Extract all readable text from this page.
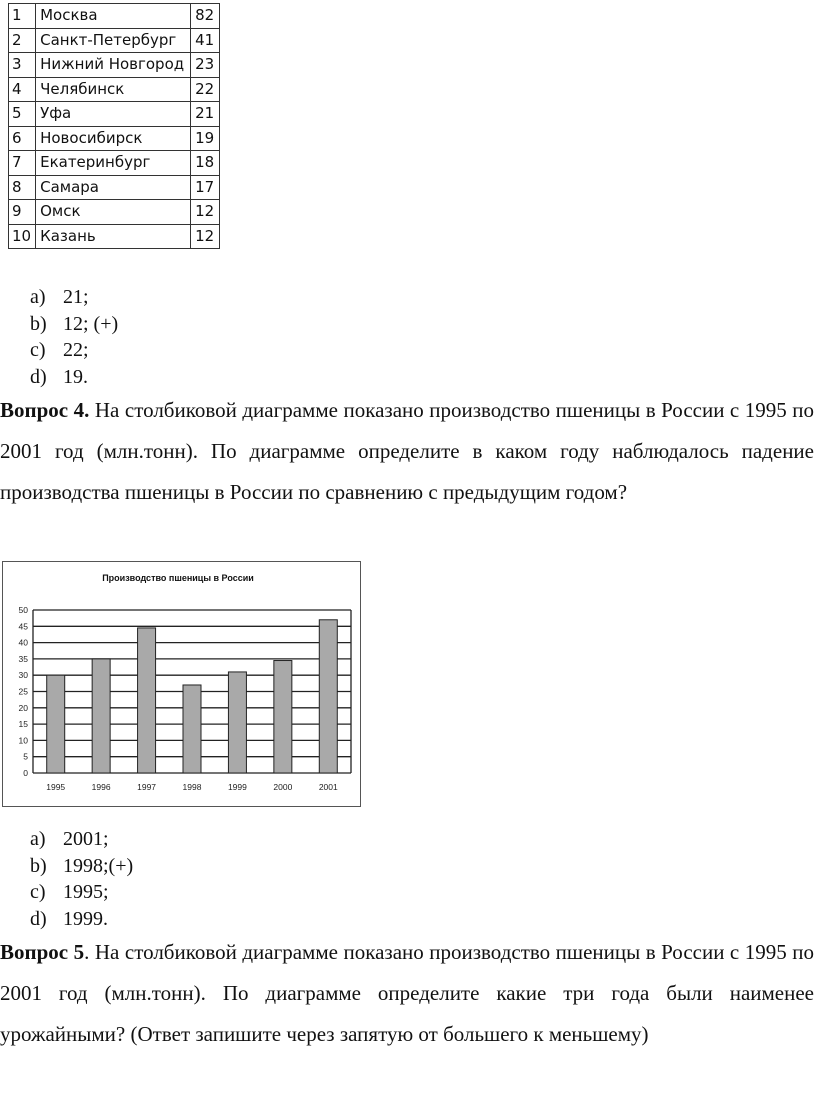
1	Москва	82
2	Санкт-Петербург	41
3	Нижний Новгород	23
4	Челябинск	22
5	Уфа	21
6	Новосибирск	19
7	Екатеринбург	18
8	Самара	17
9	Омск	12
10	Казань	12
a) 21;
b) 12; (+)
c) 22;
d) 19.
Вопрос 4. На столбиковой диаграмме показано производство пшеницы в России с 1995 по 2001 год (млн.тонн). По диаграмме определите в каком году наблюдалось падение производства пшеницы в России по сравнению с предыдущим годом?
Производство пшеницы в России
0
5
10
15
20
25
30
35
40
45
50
1995	1996	1997	1998	1999	2000	2001
a) 2001;
b) 1998;(+)
c) 1995;
d) 1999.
Вопрос 5. На столбиковой диаграмме показано производство пшеницы в России с 1995 по 2001 год (млн.тонн). По диаграмме определите какие три года были наименее урожайными? (Ответ запишите через запятую от большего к меньшему)
